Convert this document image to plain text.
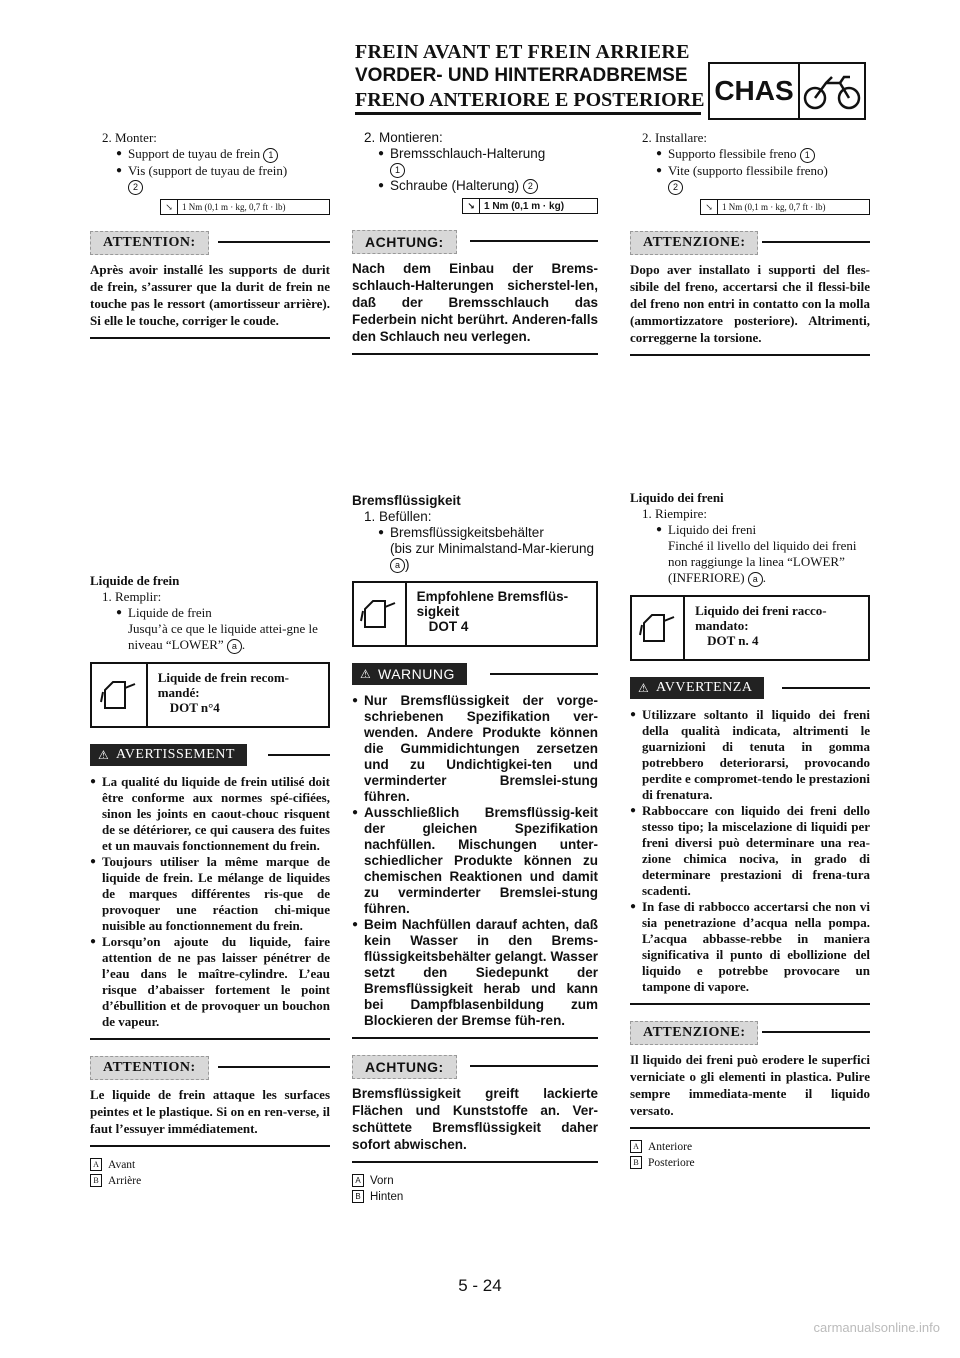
FREIN AVANT ET FREIN ARRIERE
VORDER- UND HINTERRADBREMSE
FRENO ANTERIORE E POSTERIORE CHAS
2. Monter:
● Support de tuyau de frein 1
● Vis (support de tuyau de frein)
2
↘	1 Nm (0,1 m · kg, 0,7 ft · lb)
ATTENTION:
Après avoir installé les supports de durit de frein, s’assurer que la durit de frein ne touche pas le ressort (amortisseur arrière). Si elle le touche, corriger le coude.
Liquide de frein
1. Remplir:
● Liquide de frein
Jusqu’à ce que le liquide attei-gne le niveau “LOWER” a .
Liquide de frein recom-mandé:
DOT n°4
⚠ AVERTISSEMENT
● La qualité du liquide de frein utilisé doit être conforme aux normes spé-cifiées, sinon les joints en caout-chouc risquent de se détériorer, ce qui causera des fuites et un mauvais fonctionnement du frein.
● Toujours utiliser la même marque de liquide de frein. Le mélange de liquides de marques différentes ris-que de provoquer une réaction chi-mique nuisible au fonctionnement du frein.
● Lorsqu’on ajoute du liquide, faire attention de ne pas laisser pénétrer de l’eau dans le maître-cylindre. L’eau risque d’abaisser fortement le point d’ébullition et de provoquer un bouchon de vapeur.
ATTENTION:
Le liquide de frein attaque les surfaces peintes et le plastique. Si on en ren-verse, il faut l’essuyer immédiatement.
A Avant
B Arrière
2. Montieren:
● Bremsschlauch-Halterung
1
● Schraube (Halterung) 2
↘ 1 Nm (0,1 m · kg)
ACHTUNG:
Nach dem Einbau der Brems-schlauch-Halterungen sicherstel-len, daß der Bremsschlauch das Federbein nicht berührt. Anderen-falls den Schlauch neu verlegen.
Bremsflüssigkeit
1. Befüllen:
● Bremsflüssigkeitsbehälter
(bis zur Minimalstand-Mar-kierung a )
Empfohlene Bremsflüs-sigkeit
DOT 4
⚠ WARNUNG
● Nur Bremsflüssigkeit der vorge-schriebenen Spezifikation ver-wenden. Andere Produkte können die Gummidichtungen zersetzen und zu Undichtigkei-ten und verminderter Bremslei-stung führen.
● Ausschließlich Bremsflüssig-keit der gleichen Spezifikation nachfüllen. Mischungen unter-schiedlicher Produkte können zu chemischen Reaktionen und damit zu verminderter Bremslei-stung führen.
● Beim Nachfüllen darauf achten, daß kein Wasser in den Brems-flüssigkeitsbehälter gelangt. Wasser setzt den Siedepunkt der Bremsflüssigkeit herab und kann bei Dampfblasenbildung zum Blockieren der Bremse füh-ren.
ACHTUNG:
Bremsflüssigkeit greift lackierte Flächen und Kunststoffe an. Ver-schüttete Bremsflüssigkeit daher sofort abwischen.
A Vorn
B Hinten
2. Installare:
● Supporto flessibile freno 1
● Vite (supporto flessibile freno)
2
↘	1 Nm (0,1 m · kg, 0,7 ft · lb)
ATTENZIONE:
Dopo aver installato i supporti del fles-sibile del freno, accertarsi che il flessi-bile del freno non entri in contatto con la molla (ammortizzatore posteriore). Altrimenti, correggerne la torsione.
Liquido dei freni
1. Riempire:
● Liquido dei freni
Finché il livello del liquido dei freni non raggiunge la linea “LOWER” (INFERIORE) a .
Liquido dei freni racco-mandato:
DOT n. 4
⚠ AVVERTENZA
● Utilizzare soltanto il liquido dei freni della qualità indicata, altrimenti le guarnizioni di tenuta in gomma potrebbero deteriorarsi, provocando perdite e compromet-tendo le prestazioni di frenatura.
● Rabboccare con liquido dei freni dello stesso tipo; la miscelazione di liquidi per freni diversi può determinare una rea-zione chimica nociva, in grado di determinare prestazioni di frena-tura scadenti.
● In fase di rabbocco accertarsi che non vi sia penetrazione d’acqua nella pompa. L’acqua abbasse-rebbe in maniera significativa il punto di ebollizione del liquido e potrebbe provocare un tampone di vapore.
ATTENZIONE:
Il liquido dei freni può erodere le superfici verniciate o gli elementi in plastica. Pulire sempre immediata-mente il liquido versato.
A Anteriore
B Posteriore
5 - 24
carmanualsonline.info
